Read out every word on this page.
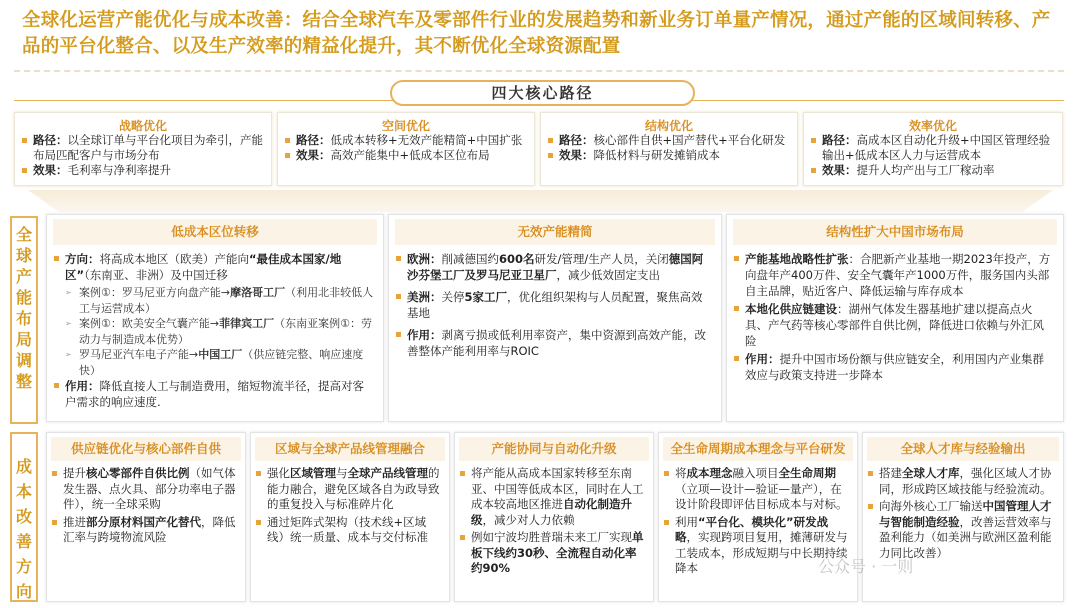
全球化运营产能优化与成本改善：结合全球汽车及零部件行业的发展趋势和新业务订单量产情况，通过产能的区域间转移、产品的平台化整合、以及生产效率的精益化提升，其不断优化全球资源配置
四大核心路径
战略优化
路径：以全球订单与平台化项目为牵引，产能布局匹配客户与市场分布
效果：毛利率与净利率提升
空间优化
路径：低成本转移+无效产能精简+中国扩张
效果：高效产能集中+低成本区位布局
结构优化
路径：核心部件自供+国产替代+平台化研发
效果：降低材料与研发摊销成本
效率优化
路径：高成本区自动化升级+中国区管理经验输出+低成本区人力与运营成本
效果：提升人均产出与工厂稼动率
全球产能布局调整
成本改善方向
低成本区位转移
方向：将高成本地区（欧美）产能向“最佳成本国家/地区”（东南亚、非洲）及中国迁移
➢ 案例①：罗马尼亚方向盘产能→摩洛哥工厂（利用北非较低人工与运营成本）
➢ 案例①：欧美安全气囊产能→菲律宾工厂（东南亚案例①：劳动力与制造成本优势）
➢ 罗马尼亚汽车电子产能→中国工厂（供应链完整、响应速度快）
作用：降低直接人工与制造费用，缩短物流半径，提高对客户需求的响应速度.
无效产能精简
欧洲：削减德国约600名研发/管理/生产人员，关闭德国阿沙芬堡工厂及罗马尼亚卫星厂，减少低效固定支出
美洲：关停5家工厂，优化组织架构与人员配置，聚焦高效基地
作用：剥离亏损或低利用率资产，集中资源到高效产能，改善整体产能利用率与ROIC
结构性扩大中国市场布局
产能基地战略性扩张：合肥新产业基地一期2023年投产，方向盘年产400万件、安全气囊年产1000万件，服务国内头部自主品牌，贴近客户、降低运输与库存成本
本地化供应链建设：湖州气体发生器基地扩建以提高点火具、产气药等核心零部件自供比例，降低进口依赖与外汇风险
作用：提升中国市场份额与供应链安全，利用国内产业集群效应与政策支持进一步降本
供应链优化与核心部件自供
提升核心零部件自供比例（如气体发生器、点火具、部分功率电子器件），统一全球采购
推进部分原材料国产化替代，降低汇率与跨境物流风险
区域与全球产品线管理融合
强化区域管理与全球产品线管理的能力融合，避免区域各自为政导致的重复投入与标准碎片化
通过矩阵式架构（技术线+区域线）统一质量、成本与交付标准
产能协同与自动化升级
将产能从高成本国家转移至东南亚、中国等低成本区，同时在人工成本较高地区推进自动化制造升级，减少对人力依赖
例如宁波均胜普瑞未来工厂实现单板下线约30秒、全流程自动化率约90%
全生命周期成本理念与平台研发
将成本理念融入项目全生命周期（立项—设计—验证—量产），在设计阶段即评估目标成本与对标。
利用“平台化、模块化”研发战略，实现跨项目复用，摊薄研发与工装成本，形成短期与中长期持续降本
全球人才库与经验输出
搭建全球人才库，强化区域人才协同，形成跨区域技能与经验流动。
向海外核心工厂输送中国管理人才与智能制造经验，改善运营效率与盈利能力（如美洲与欧洲区盈利能力同比改善）
公众号 · 一则
